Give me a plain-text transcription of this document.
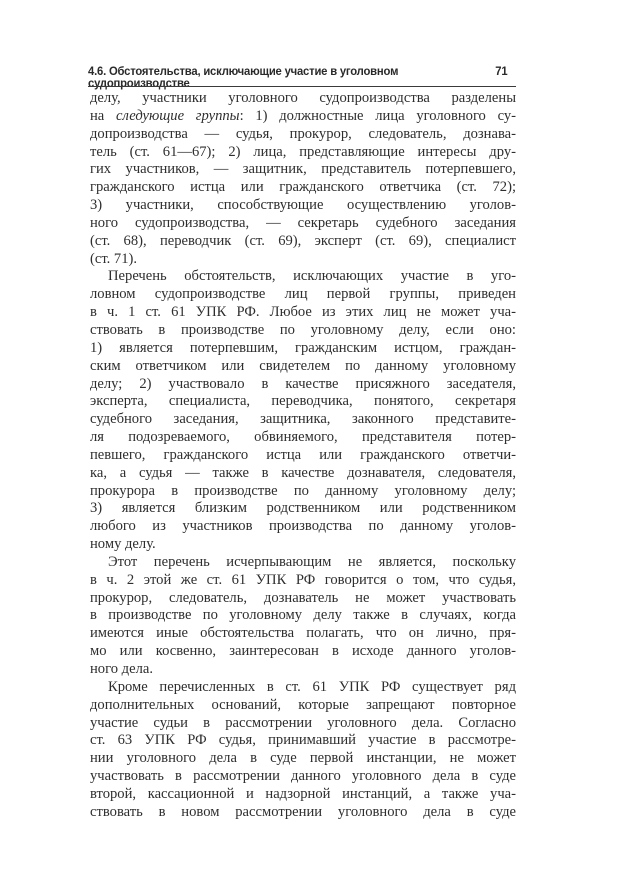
4.6. Обстоятельства, исключающие участие в уголовном судопроизводстве
71
делу, участники уголовного судопроизводства разделены
на следующие группы: 1) должностные лица уголовного су-
допроизводства — судья, прокурор, следователь, дознава-
тель (ст. 61—67); 2) лица, представляющие интересы дру-
гих участников, — защитник, представитель потерпевшего,
гражданского истца или гражданского ответчика (ст. 72);
3) участники, способствующие осуществлению уголов-
ного судопроизводства, — секретарь судебного заседания
(ст. 68), переводчик (ст. 69), эксперт (ст. 69), специалист
(ст. 71).
Перечень обстоятельств, исключающих участие в уго-
ловном судопроизводстве лиц первой группы, приведен
в ч. 1 ст. 61 УПК РФ. Любое из этих лиц не может уча-
ствовать в производстве по уголовному делу, если оно:
1) является потерпевшим, гражданским истцом, граждан-
ским ответчиком или свидетелем по данному уголовному
делу; 2) участвовало в качестве присяжного заседателя,
эксперта, специалиста, переводчика, понятого, секретаря
судебного заседания, защитника, законного представите-
ля подозреваемого, обвиняемого, представителя потер-
певшего, гражданского истца или гражданского ответчи-
ка, а судья — также в качестве дознавателя, следователя,
прокурора в производстве по данному уголовному делу;
3) является близким родственником или родственником
любого из участников производства по данному уголов-
ному делу.
Этот перечень исчерпывающим не является, поскольку
в ч. 2 этой же ст. 61 УПК РФ говорится о том, что судья,
прокурор, следователь, дознаватель не может участвовать
в производстве по уголовному делу также в случаях, когда
имеются иные обстоятельства полагать, что он лично, пря-
мо или косвенно, заинтересован в исходе данного уголов-
ного дела.
Кроме перечисленных в ст. 61 УПК РФ существует ряд
дополнительных оснований, которые запрещают повторное
участие судьи в рассмотрении уголовного дела. Согласно
ст. 63 УПК РФ судья, принимавший участие в рассмотре-
нии уголовного дела в суде первой инстанции, не может
участвовать в рассмотрении данного уголовного дела в суде
второй, кассационной и надзорной инстанций, а также уча-
ствовать в новом рассмотрении уголовного дела в суде
